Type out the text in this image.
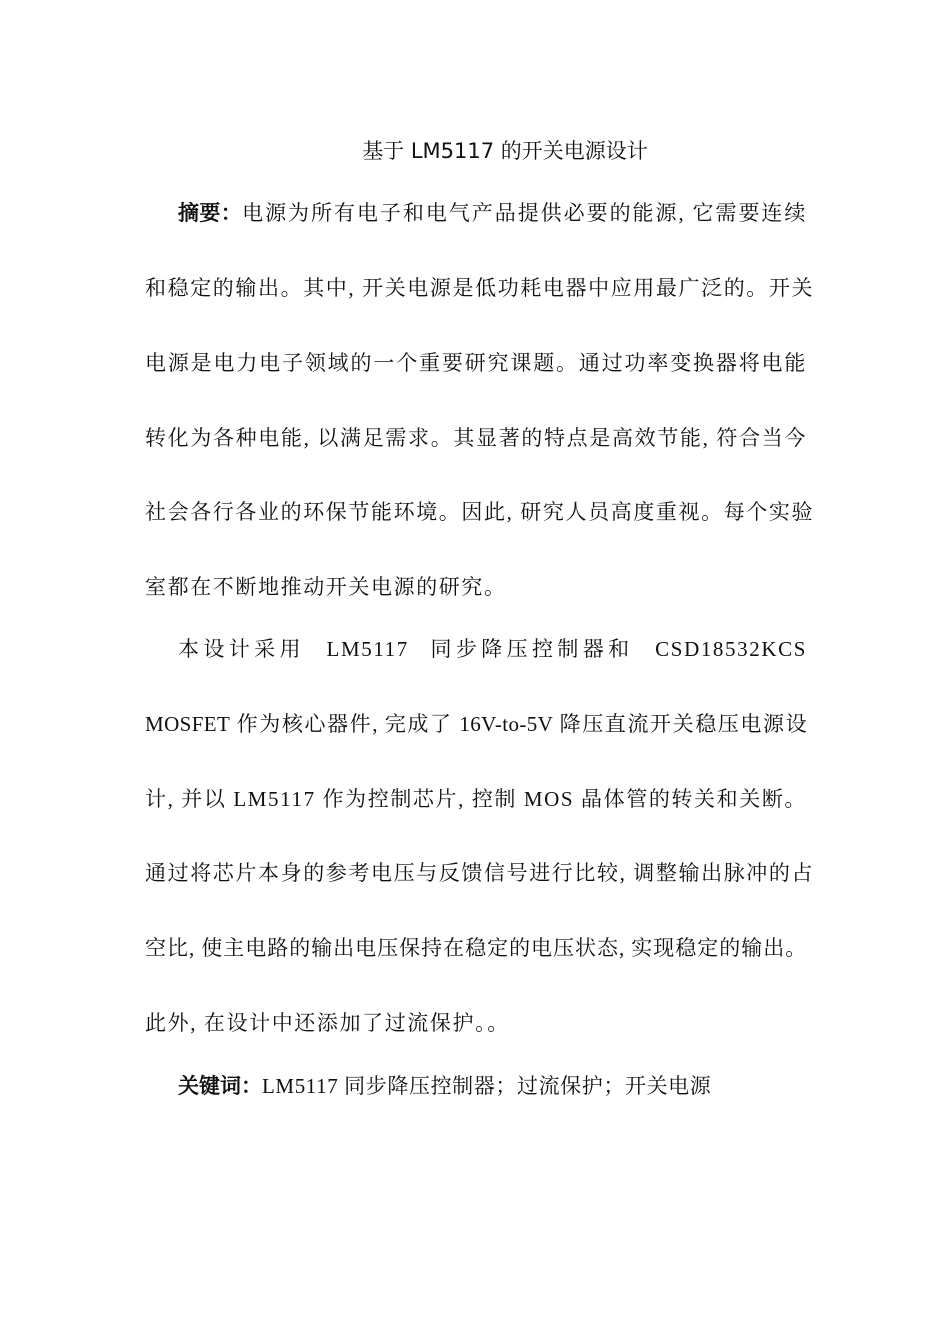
基于 LM5117 的开关电源设计
摘要：电源为所有电子和电气产品提供必要的能源, 它需要连续
和稳定的输出。其中, 开关电源是低功耗电器中应用最广泛的。开关
电源是电力电子领域的一个重要研究课题。通过功率变换器将电能
转化为各种电能, 以满足需求。其显著的特点是高效节能, 符合当今
社会各行各业的环保节能环境。因此, 研究人员高度重视。每个实验
室都在不断地推动开关电源的研究。
本设计采用 LM5117 同步降压控制器和 CSD18532KCS
MOSFET 作为核心器件, 完成了 16V-to-5V 降压直流开关稳压电源设
计, 并以 LM5117 作为控制芯片, 控制 MOS 晶体管的转关和关断。
通过将芯片本身的参考电压与反馈信号进行比较, 调整输出脉冲的占
空比, 使主电路的输出电压保持在稳定的电压状态, 实现稳定的输出。
此外, 在设计中还添加了过流保护。。
关键词：LM5117 同步降压控制器；过流保护；开关电源
